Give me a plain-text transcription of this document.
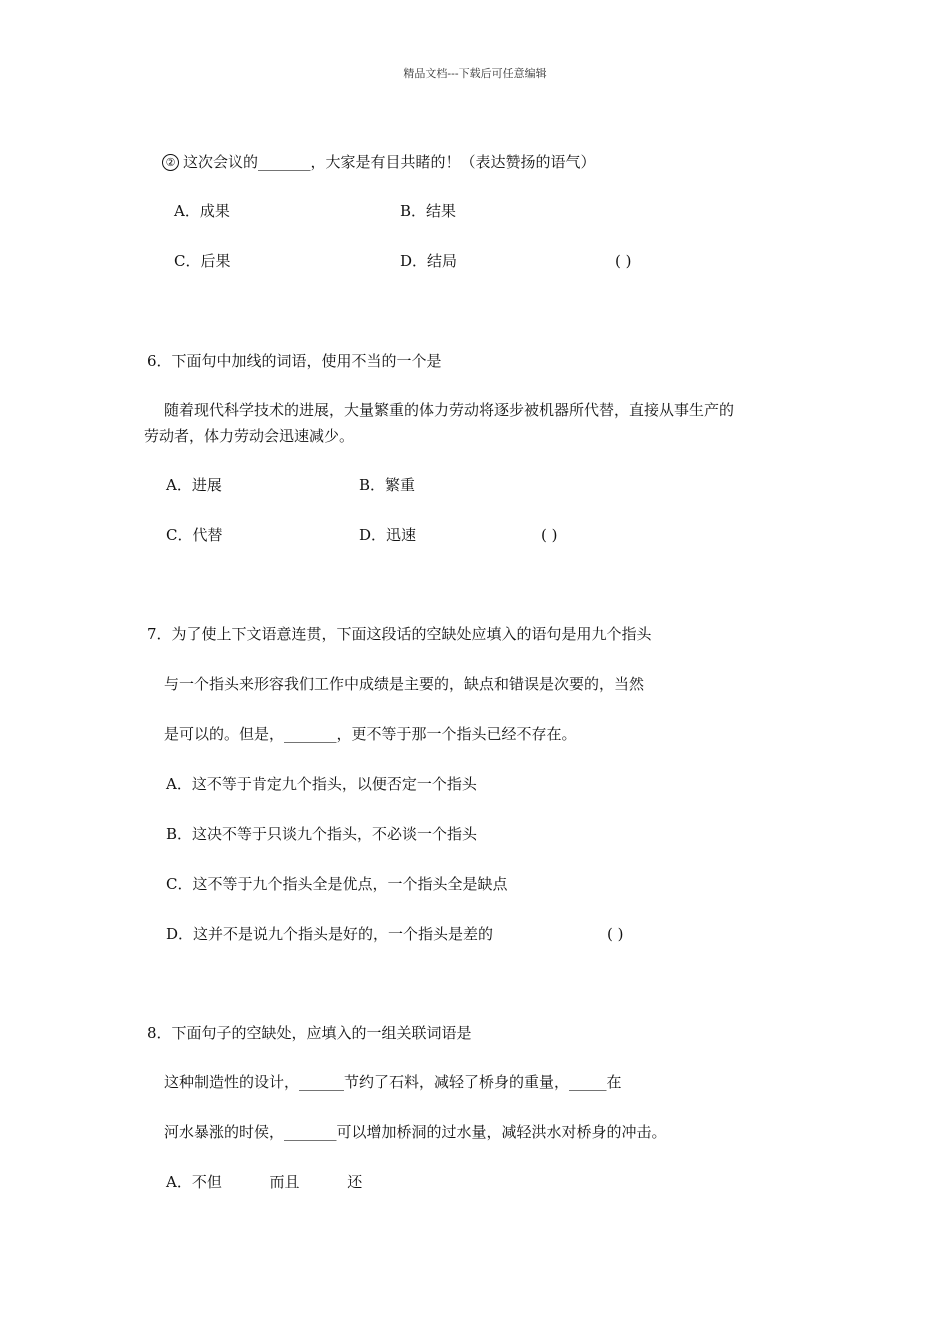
精品文档---下载后可任意编辑
② 这次会议的_______，大家是有目共睹的！（表达赞扬的语气）
A．成果	B．结果
C．后果	D．结局	( )
6．下面句中加线的词语，使用不当的一个是
随着现代科学技术的进展，大量繁重的体力劳动将逐步被机器所代替，直接从事生产的
劳动者，体力劳动会迅速减少。
A．进展	B．繁重
C．代替	D．迅速	( )
7．为了使上下文语意连贯，下面这段话的空缺处应填入的语句是用九个指头
与一个指头来形容我们工作中成绩是主要的，缺点和错误是次要的，当然
是可以的。但是，_______，更不等于那一个指头已经不存在。
A．这不等于肯定九个指头，以便否定一个指头
B．这决不等于只谈九个指头，不必谈一个指头
C．这不等于九个指头全是优点，一个指头全是缺点
D．这并不是说九个指头是好的，一个指头是差的	( )
8．下面句子的空缺处，应填入的一组关联词语是
这种制造性的设计，______节约了石料，减轻了桥身的重量，_____在
河水暴涨的时侯，_______可以增加桥洞的过水量，减轻洪水对桥身的冲击。
A．不但          而且          还
